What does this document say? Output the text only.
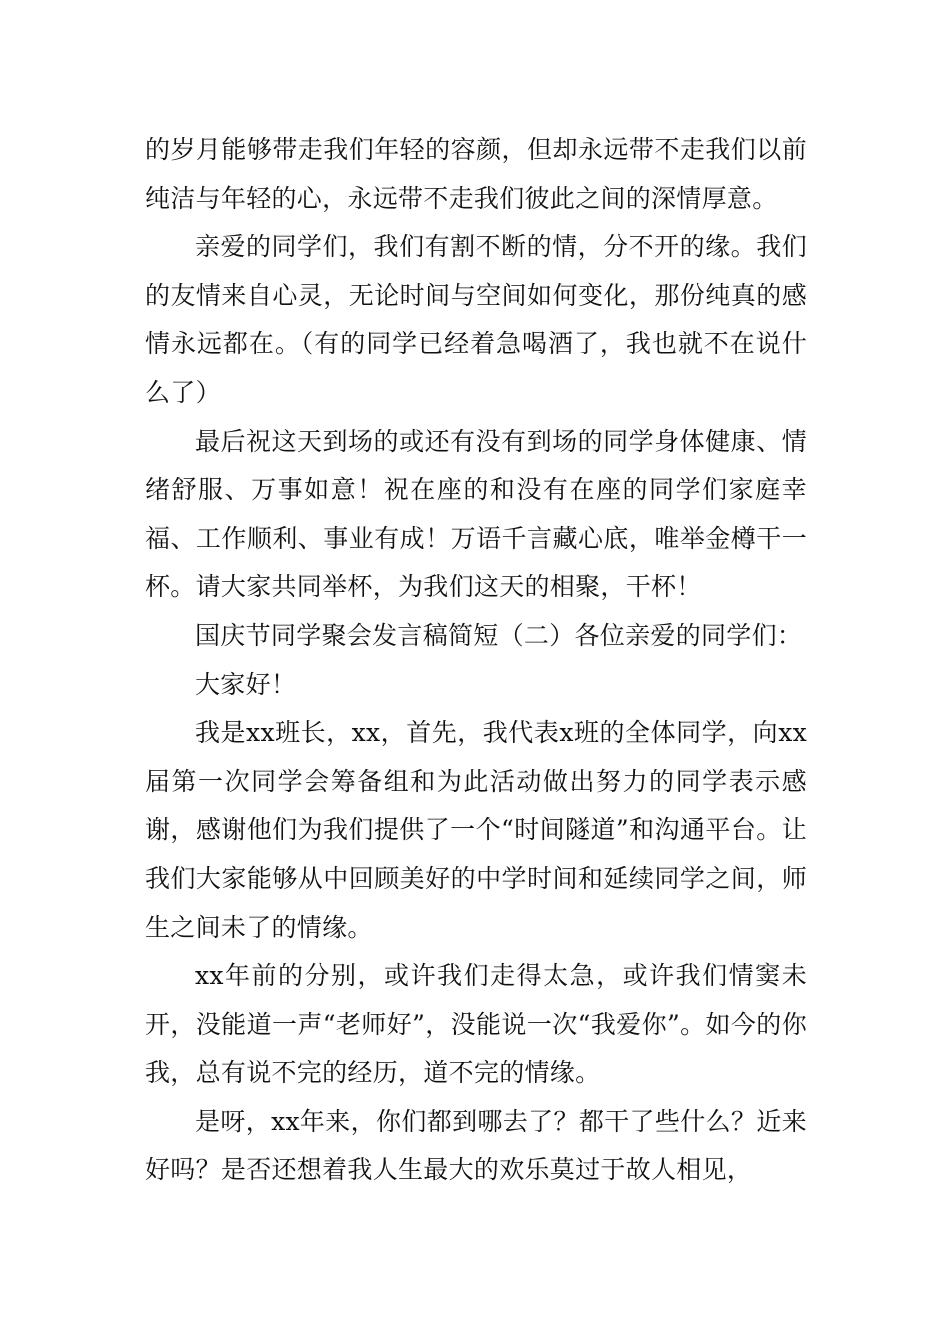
的岁月能够带走我们年轻的容颜，但却永远带不走我们以前纯洁与年轻的心，永远带不走我们彼此之间的深情厚意。

亲爱的同学们，我们有割不断的情，分不开的缘。我们的友情来自心灵，无论时间与空间如何变化，那份纯真的感情永远都在。（有的同学已经着急喝酒了，我也就不在说什么了）

最后祝这天到场的或还有没有到场的同学身体健康、情绪舒服、万事如意！祝在座的和没有在座的同学们家庭幸福、工作顺利、事业有成！万语千言藏心底，唯举金樽干一杯。请大家共同举杯，为我们这天的相聚，干杯！

国庆节同学聚会发言稿简短（二）各位亲爱的同学们：

大家好！

我是xx班长，xx，首先，我代表x班的全体同学，向xx届第一次同学会筹备组和为此活动做出努力的同学表示感谢，感谢他们为我们提供了一个“时间隧道”和沟通平台。让我们大家能够从中回顾美好的中学时间和延续同学之间，师生之间未了的情缘。

xx年前的分别，或许我们走得太急，或许我们情窦未开，没能道一声“老师好”，没能说一次“我爱你”。如今的你我，总有说不完的经历，道不完的情缘。

是呀，xx年来，你们都到哪去了？都干了些什么？近来好吗？是否还想着我人生最大的欢乐莫过于故人相见，
